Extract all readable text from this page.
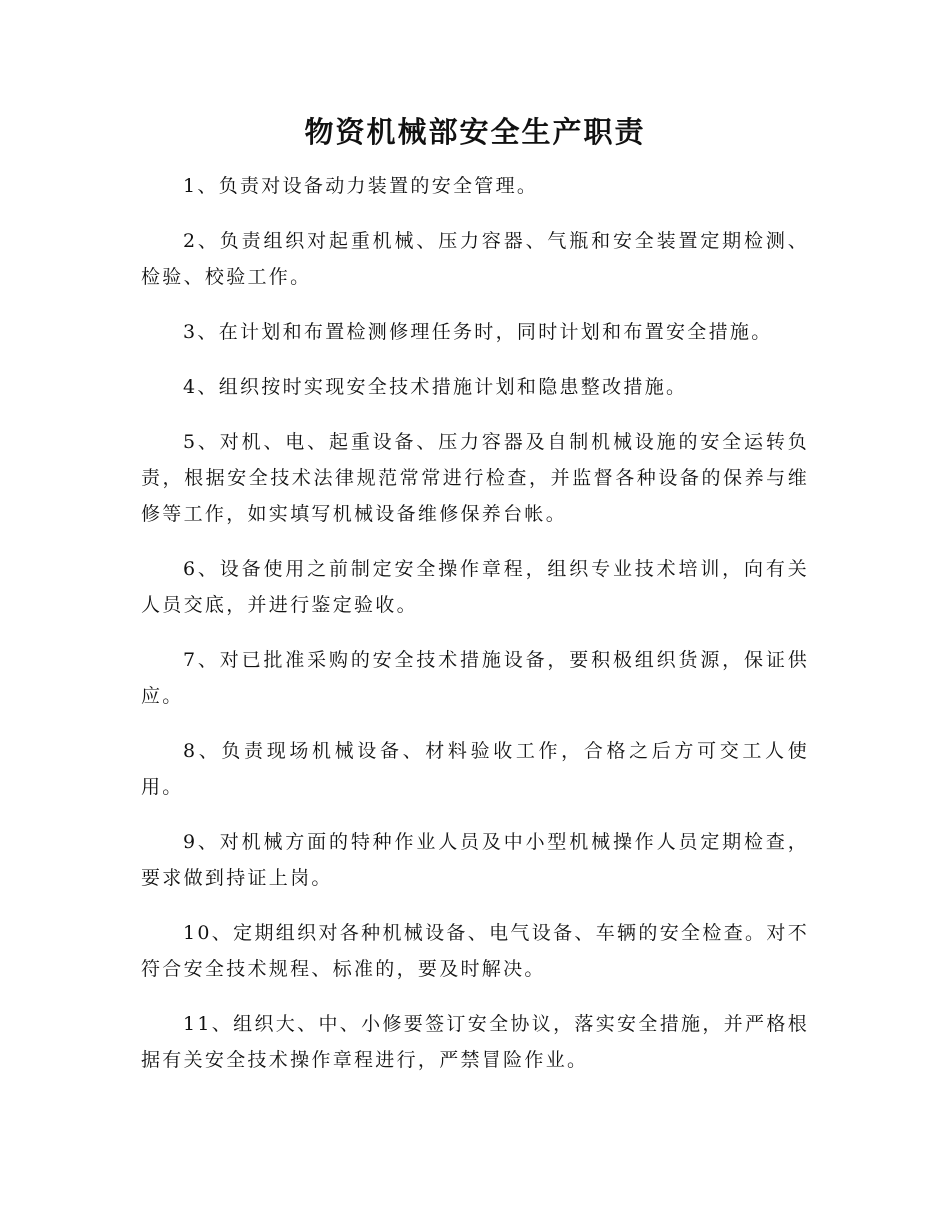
物资机械部安全生产职责

1、负责对设备动力装置的安全管理。

2、负责组织对起重机械、压力容器、气瓶和安全装置定期检测、检验、校验工作。

3、在计划和布置检测修理任务时，同时计划和布置安全措施。

4、组织按时实现安全技术措施计划和隐患整改措施。

5、对机、电、起重设备、压力容器及自制机械设施的安全运转负责，根据安全技术法律规范常常进行检查，并监督各种设备的保养与维修等工作，如实填写机械设备维修保养台帐。

6、设备使用之前制定安全操作章程，组织专业技术培训，向有关人员交底，并进行鉴定验收。

7、对已批准采购的安全技术措施设备，要积极组织货源，保证供应。

8、负责现场机械设备、材料验收工作，合格之后方可交工人使用。

9、对机械方面的特种作业人员及中小型机械操作人员定期检查，要求做到持证上岗。

10、定期组织对各种机械设备、电气设备、车辆的安全检查。对不符合安全技术规程、标准的，要及时解决。

11、组织大、中、小修要签订安全协议，落实安全措施，并严格根据有关安全技术操作章程进行，严禁冒险作业。
